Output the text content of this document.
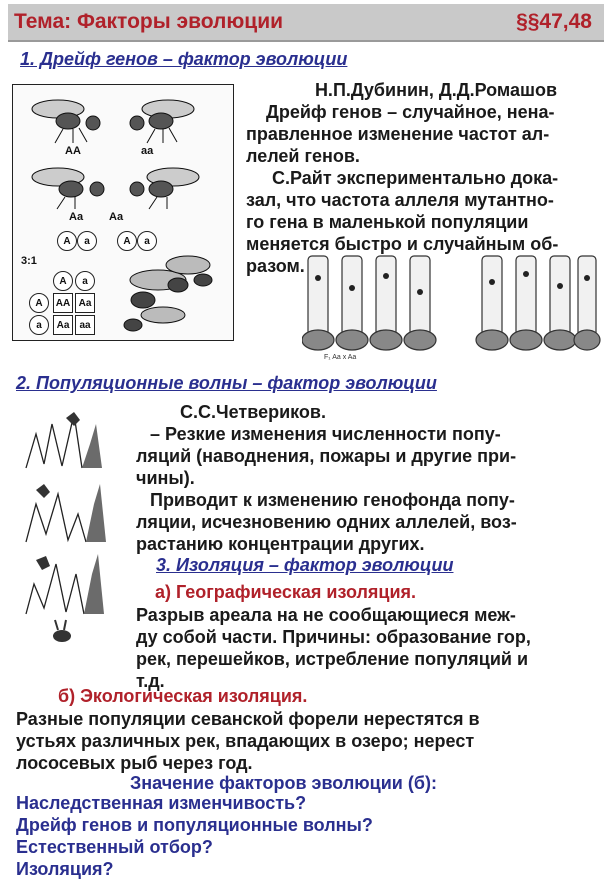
Тема: Факторы эволюции	§§47,48
1. Дрейф генов – фактор эволюции
AA	aa
Aa Aa
A	a	A	a
3:1
A	a
A
a
AA Aa
Aa	aa
Н.П.Дубинин, Д.Д.Ромашов
Дрейф генов – случайное, нена-
правленное изменение частот ал-
лелей генов.
С.Райт экспериментально дока-
зал, что частота аллеля мутантно-
го гена в маленькой популяции
меняется быстро и случайным об-
разом.
F₁ Aa x Aa
2. Популяционные волны – фактор эволюции
С.С.Четвериков.
– Резкие изменения численности попу-
ляций (наводнения, пожары и другие при-
чины).
Приводит к изменению генофонда попу-
ляции, исчезновению одних аллелей, воз-
растанию концентрации других.
3. Изоляция – фактор эволюции
а) Географическая изоляция.
Разрыв ареала на не сообщающиеся меж-
ду собой части. Причины: образование гор,
рек, перешейков, истребление популяций и
т.д.
б) Экологическая изоляция.
Разные популяции севанской форели нерестятся в
устьях различных рек, впадающих в озеро; нерест
лососевых рыб через год.
Значение факторов эволюции (б):
Наследственная изменчивость?
Дрейф генов и популяционные волны?
Естественный отбор?
Изоляция?
